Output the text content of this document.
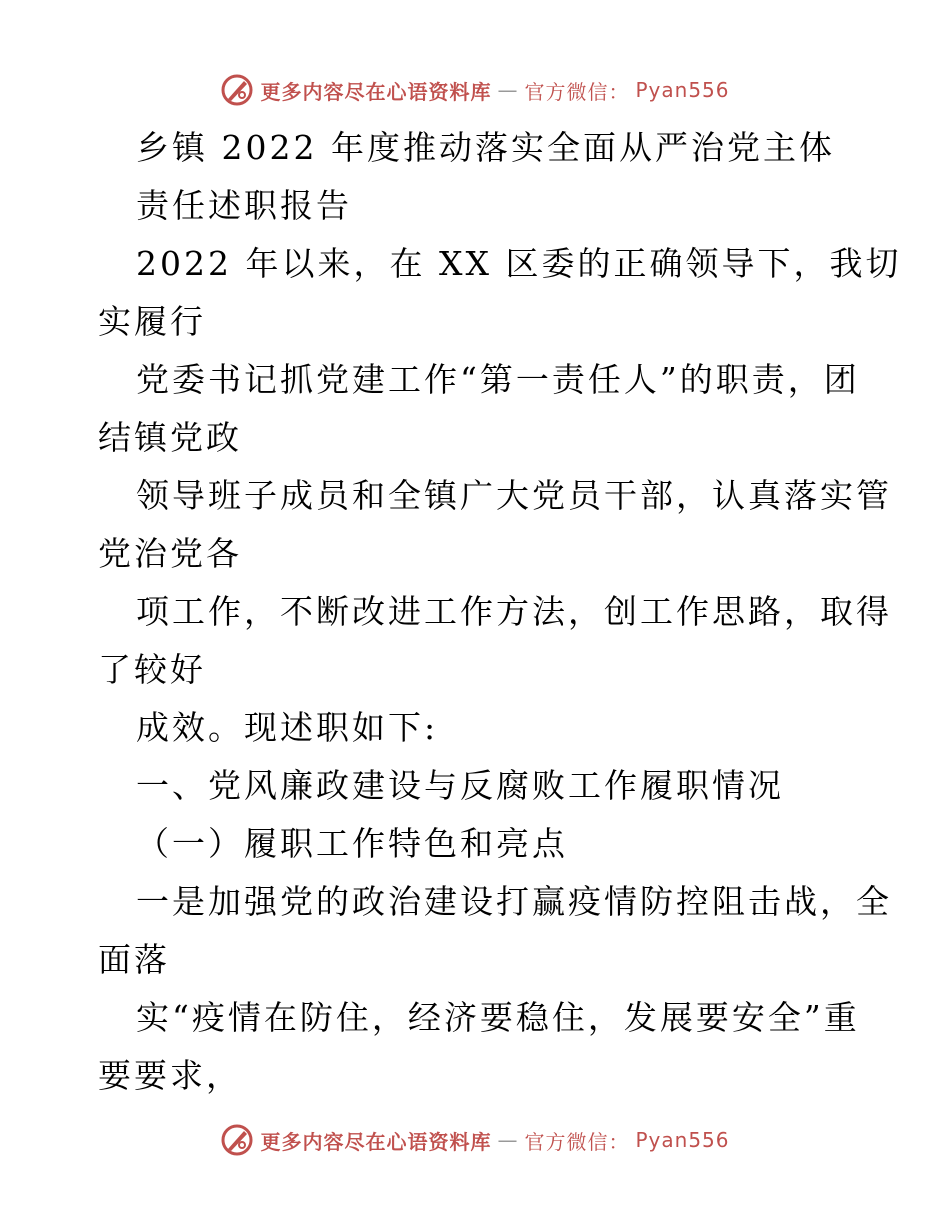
更多内容尽在心语资料库 — 官方微信： Pyan556
乡镇 2022 年度推动落实全面从严治党主体
责任述职报告
2022 年以来，在 XX 区委的正确领导下，我切
实履行
党委书记抓党建工作“第一责任人”的职责，团
结镇党政
领导班子成员和全镇广大党员干部，认真落实管
党治党各
项工作，不断改进工作方法，创工作思路，取得
了较好
成效。现述职如下:
一、党风廉政建设与反腐败工作履职情况
（一）履职工作特色和亮点
一是加强党的政治建设打赢疫情防控阻击战，全
面落
实“疫情在防住，经济要稳住，发展要安全”重
要要求，
更多内容尽在心语资料库 — 官方微信： Pyan556
